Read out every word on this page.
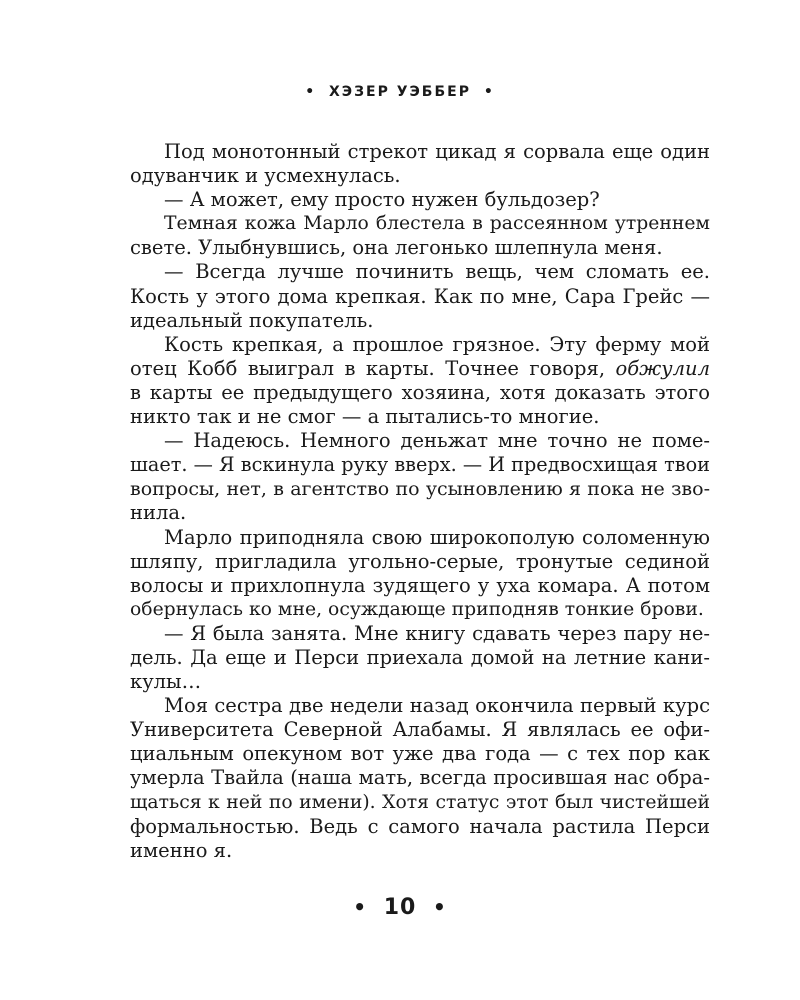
• ХЭЗЕР УЭББЕР •
Под монотонный стрекот цикад я сорвала еще один
одуванчик и усмехнулась.
— А может, ему просто нужен бульдозер?
Темная кожа Марло блестела в рассеянном утреннем
свете. Улыбнувшись, она легонько шлепнула меня.
— Всегда лучше починить вещь, чем сломать ее.
Кость у этого дома крепкая. Как по мне, Сара Грейс —
идеальный покупатель.
Кость крепкая, а прошлое грязное. Эту ферму мой
отец Кобб выиграл в карты. Точнее говоря, обжулил
в карты ее предыдущего хозяина, хотя доказать этого
никто так и не смог — а пытались-то многие.
— Надеюсь. Немного деньжат мне точно не поме-
шает. — Я вскинула руку вверх. — И предвосхищая твои
вопросы, нет, в агентство по усыновлению я пока не зво-
нила.
Марло приподняла свою широкополую соломенную
шляпу, пригладила угольно-серые, тронутые сединой
волосы и прихлопнула зудящего у уха комара. А потом
обернулась ко мне, осуждающе приподняв тонкие брови.
— Я была занята. Мне книгу сдавать через пару не-
дель. Да еще и Перси приехала домой на летние кани-
кулы…
Моя сестра две недели назад окончила первый курс
Университета Северной Алабамы. Я являлась ее офи-
циальным опекуном вот уже два года — с тех пор как
умерла Твайла (наша мать, всегда просившая нас обра-
щаться к ней по имени). Хотя статус этот был чистейшей
формальностью. Ведь с самого начала растила Перси
именно я.
• 10 •
